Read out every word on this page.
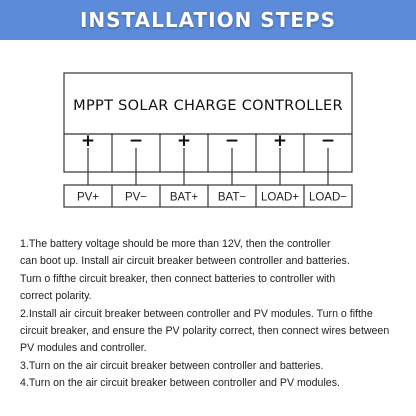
INSTALLATION STEPS
MPPT SOLAR CHARGE CONTROLLER
+
PV+
−
PV−
+
BAT+
−
BAT−
+
LOAD+
−
LOAD−
1.The battery voltage should be more than 12V, then the controller
can boot up. Install air circuit breaker between controller and batteries.
Turn o fifthe circuit breaker, then connect batteries to controller with
correct polarity.
2.Install air circuit breaker between controller and PV modules. Turn o fifthe
circuit breaker, and ensure the PV polarity correct, then connect wires between
PV modules and controller.
3.Turn on the air circuit breaker between controller and batteries.
4.Turn on the air circuit breaker between controller and PV modules.
